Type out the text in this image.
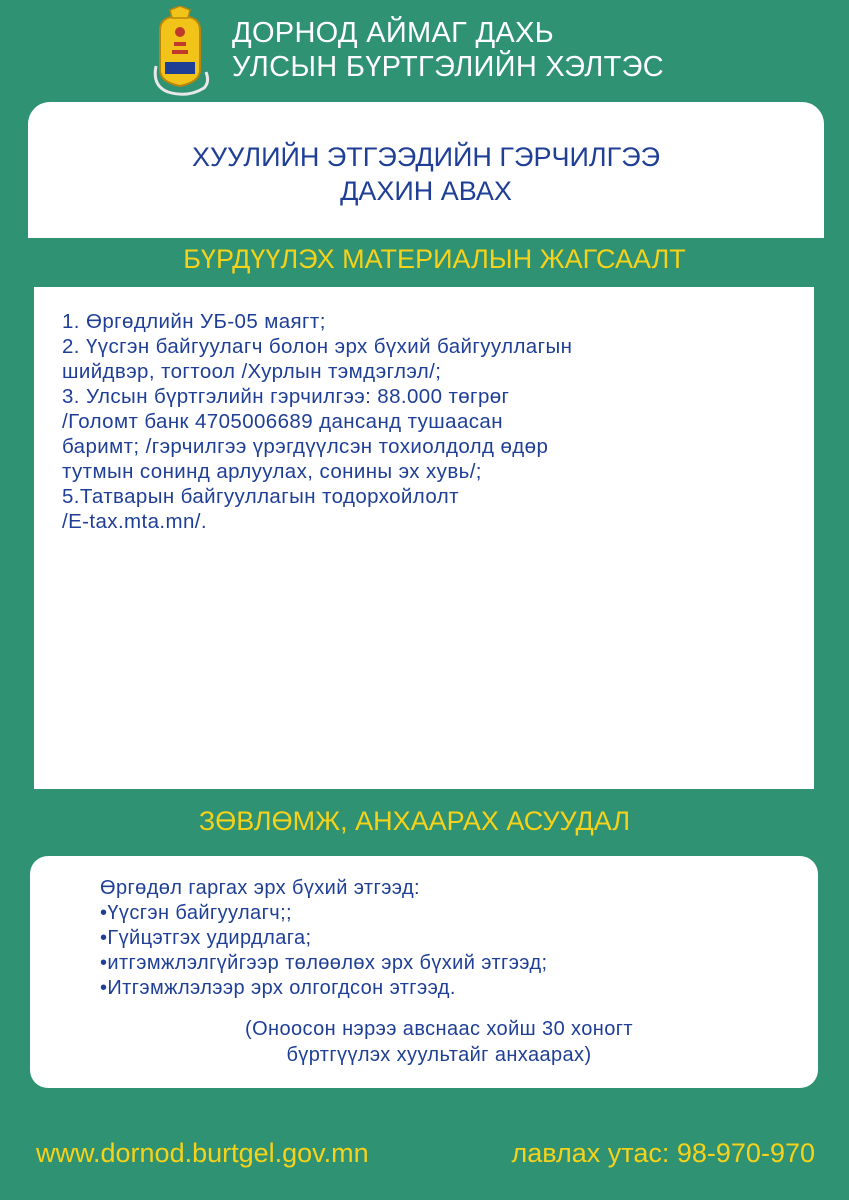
ДОРНОД АЙМАГ ДАХЬ
УЛСЫН БҮРТГЭЛИЙН ХЭЛТЭС
ХУУЛИЙН ЭТГЭЭДИЙН ГЭРЧИЛГЭЭ
ДАХИН АВАХ
БҮРДҮҮЛЭХ МАТЕРИАЛЫН ЖАГСААЛТ
1. Өргөдлийн УБ-05 маягт;
2. Үүсгэн байгуулагч болон эрх бүхий байгууллагын
шийдвэр, тогтоол /Хурлын тэмдэглэл/;
3. Улсын бүртгэлийн гэрчилгээ: 88.000 төгрөг
/Голомт банк 4705006689 дансанд тушаасан
баримт; /гэрчилгээ үрэгдүүлсэн тохиолдолд өдөр
тутмын сонинд арлуулах, сонины эх хувь/;
5.Татварын байгууллагын тодорхойлолт
/E-tax.mta.mn/.
ЗӨВЛӨМЖ, АНХААРАХ АСУУДАЛ
Өргөдөл гаргах эрх бүхий этгээд:
•Үүсгэн байгуулагч;;
•Гүйцэтгэх удирдлага;
•итгэмжлэлгүйгээр төлөөлөх эрх бүхий этгээд;
•Итгэмжлэлээр эрх олгогдсон этгээд.
(Оноосон нэрээ авснаас хойш 30 хоногт
бүртгүүлэх хуультайг анхаарах)
www.dornod.burtgel.gov.mn	лавлах утас: 98-970-970
